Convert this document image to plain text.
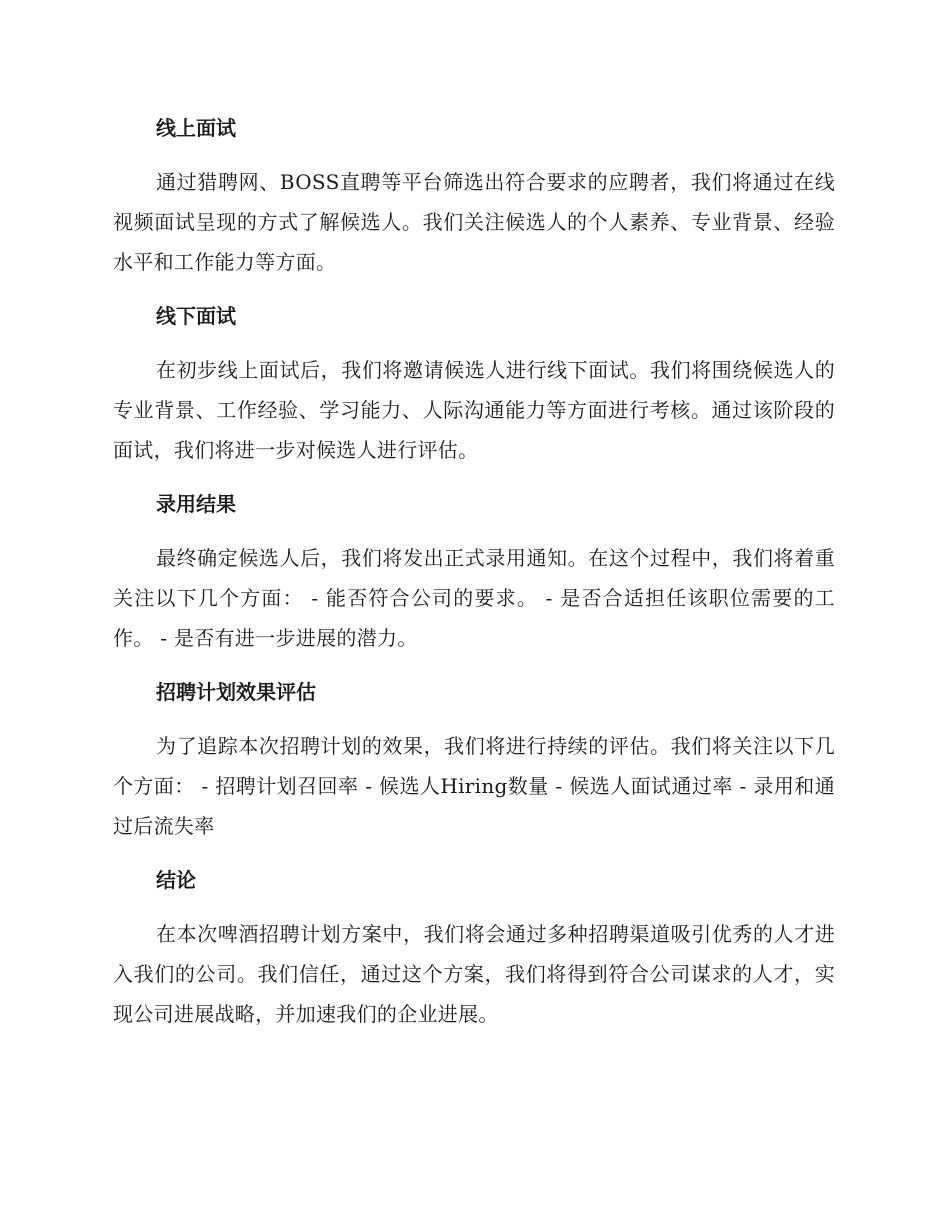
线上面试

通过猎聘网、BOSS直聘等平台筛选出符合要求的应聘者，我们将通过在线视频面试呈现的方式了解候选人。我们关注候选人的个人素养、专业背景、经验水平和工作能力等方面。

线下面试

在初步线上面试后，我们将邀请候选人进行线下面试。我们将围绕候选人的专业背景、工作经验、学习能力、人际沟通能力等方面进行考核。通过该阶段的面试，我们将进一步对候选人进行评估。

录用结果

最终确定候选人后，我们将发出正式录用通知。在这个过程中，我们将着重关注以下几个方面： - 能否符合公司的要求。 - 是否合适担任该职位需要的工作。 - 是否有进一步进展的潜力。

招聘计划效果评估

为了追踪本次招聘计划的效果，我们将进行持续的评估。我们将关注以下几个方面： - 招聘计划召回率 - 候选人Hiring数量 - 候选人面试通过率 - 录用和通过后流失率

结论

在本次啤酒招聘计划方案中，我们将会通过多种招聘渠道吸引优秀的人才进入我们的公司。我们信任，通过这个方案，我们将得到符合公司谋求的人才，实现公司进展战略，并加速我们的企业进展。
